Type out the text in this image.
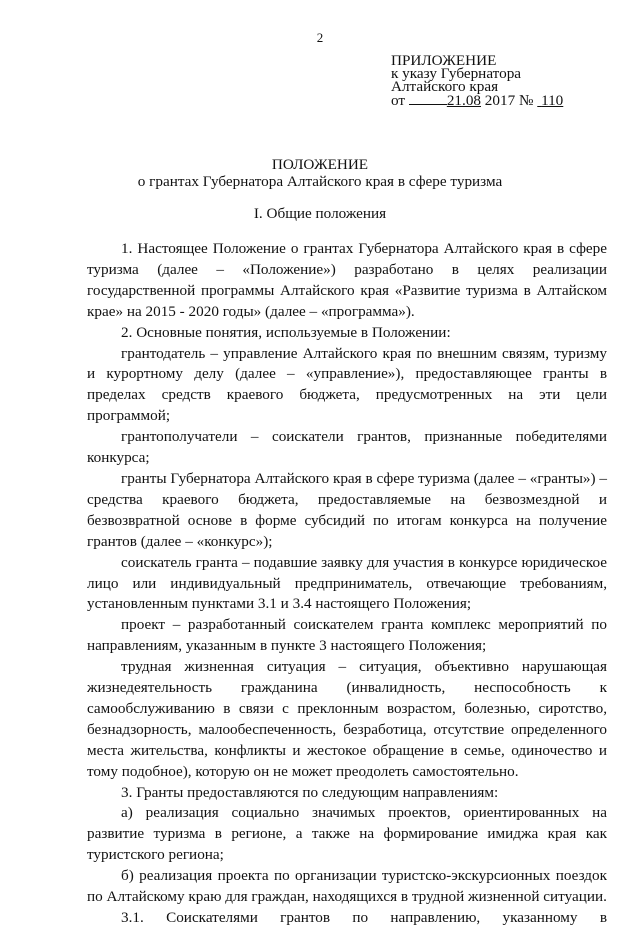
2
ПРИЛОЖЕНИЕ
к указу Губернатора
Алтайского края
от	21.08 2017 № 110
ПОЛОЖЕНИЕ
о грантах Губернатора Алтайского края в сфере туризма
I. Общие положения

1. Настоящее Положение о грантах Губернатора Алтайского края в сфере туризма (далее – «Положение») разработано в целях реализации государственной программы Алтайского края «Развитие туризма в Алтайском крае» на 2015 - 2020 годы» (далее – «программа»).

2. Основные понятия, используемые в Положении:

грантодатель – управление Алтайского края по внешним связям, туризму и курортному делу (далее – «управление»), предоставляющее гранты в пределах средств краевого бюджета, предусмотренных на эти цели программой;

грантополучатели – соискатели грантов, признанные победителями конкурса;

гранты Губернатора Алтайского края в сфере туризма (далее – «гранты») – средства краевого бюджета, предоставляемые на безвозмездной и безвозвратной основе в форме субсидий по итогам конкурса на получение грантов (далее – «конкурс»);

соискатель гранта – подавшие заявку для участия в конкурсе юридическое лицо или индивидуальный предприниматель, отвечающие требованиям, установленным пунктами 3.1 и 3.4 настоящего Положения;

проект – разработанный соискателем гранта комплекс мероприятий по направлениям, указанным в пункте 3 настоящего Положения;

трудная жизненная ситуация – ситуация, объективно нарушающая жизнедеятельность гражданина (инвалидность, неспособность к самообслуживанию в связи с преклонным возрастом, болезнью, сиротство, безнадзорность, малообеспеченность, безработица, отсутствие определенного места жительства, конфликты и жестокое обращение в семье, одиночество и тому подобное), которую он не может преодолеть самостоятельно.

3. Гранты предоставляются по следующим направлениям:

а) реализация социально значимых проектов, ориентированных на развитие туризма в регионе, а также на формирование имиджа края как туристского региона;

б) реализация проекта по организации туристско-экскурсионных поездок по Алтайскому краю для граждан, находящихся в трудной жизненной ситуации.

3.1. Соискателями грантов по направлению, указанному в
